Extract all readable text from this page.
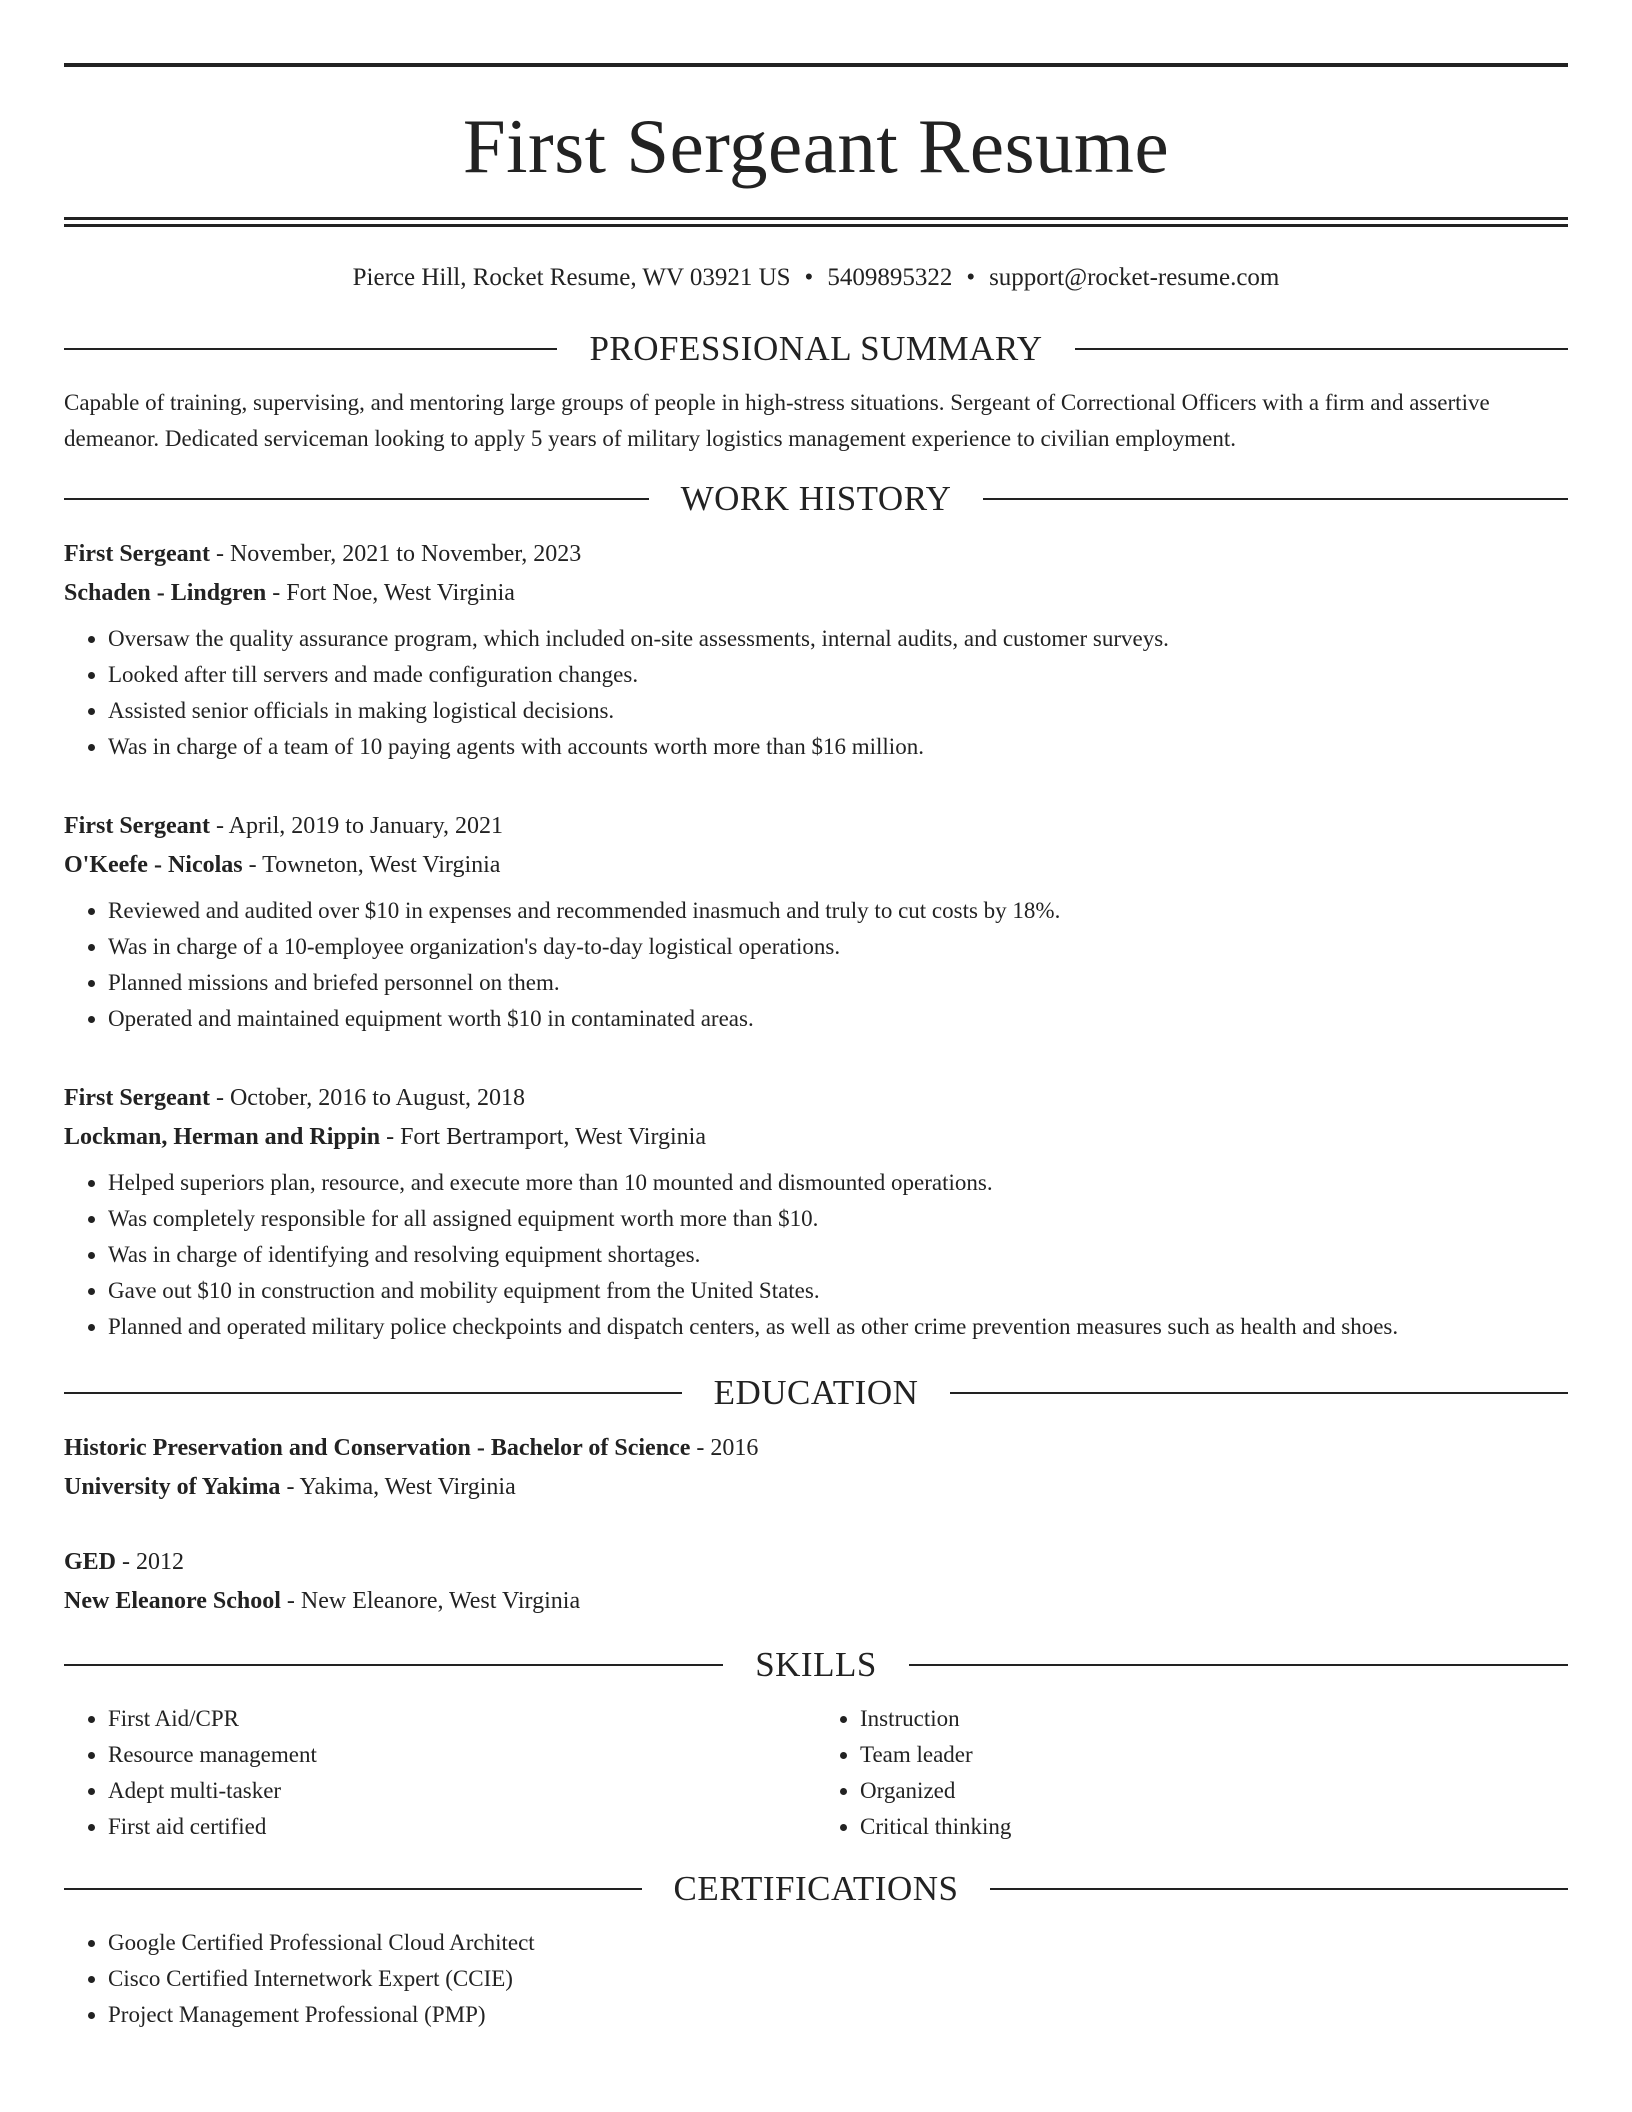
First Sergeant Resume
Pierce Hill, Rocket Resume, WV 03921 US • 5409895322 • support@rocket-resume.com
PROFESSIONAL SUMMARY
Capable of training, supervising, and mentoring large groups of people in high-stress situations. Sergeant of Correctional Officers with a firm and assertive demeanor. Dedicated serviceman looking to apply 5 years of military logistics management experience to civilian employment.
WORK HISTORY
First Sergeant - November, 2021 to November, 2023
Schaden - Lindgren - Fort Noe, West Virginia
• Oversaw the quality assurance program, which included on-site assessments, internal audits, and customer surveys.
• Looked after till servers and made configuration changes.
• Assisted senior officials in making logistical decisions.
• Was in charge of a team of 10 paying agents with accounts worth more than $16 million.
First Sergeant - April, 2019 to January, 2021
O'Keefe - Nicolas - Towneton, West Virginia
• Reviewed and audited over $10 in expenses and recommended inasmuch and truly to cut costs by 18%.
• Was in charge of a 10-employee organization's day-to-day logistical operations.
• Planned missions and briefed personnel on them.
• Operated and maintained equipment worth $10 in contaminated areas.
First Sergeant - October, 2016 to August, 2018
Lockman, Herman and Rippin - Fort Bertramport, West Virginia
• Helped superiors plan, resource, and execute more than 10 mounted and dismounted operations.
• Was completely responsible for all assigned equipment worth more than $10.
• Was in charge of identifying and resolving equipment shortages.
• Gave out $10 in construction and mobility equipment from the United States.
• Planned and operated military police checkpoints and dispatch centers, as well as other crime prevention measures such as health and shoes.
EDUCATION
Historic Preservation and Conservation - Bachelor of Science - 2016
University of Yakima - Yakima, West Virginia
GED - 2012
New Eleanore School - New Eleanore, West Virginia
SKILLS
• First Aid/CPR
• Resource management
• Adept multi-tasker
• First aid certified
• Instruction
• Team leader
• Organized
• Critical thinking
CERTIFICATIONS
• Google Certified Professional Cloud Architect
• Cisco Certified Internetwork Expert (CCIE)
• Project Management Professional (PMP)
